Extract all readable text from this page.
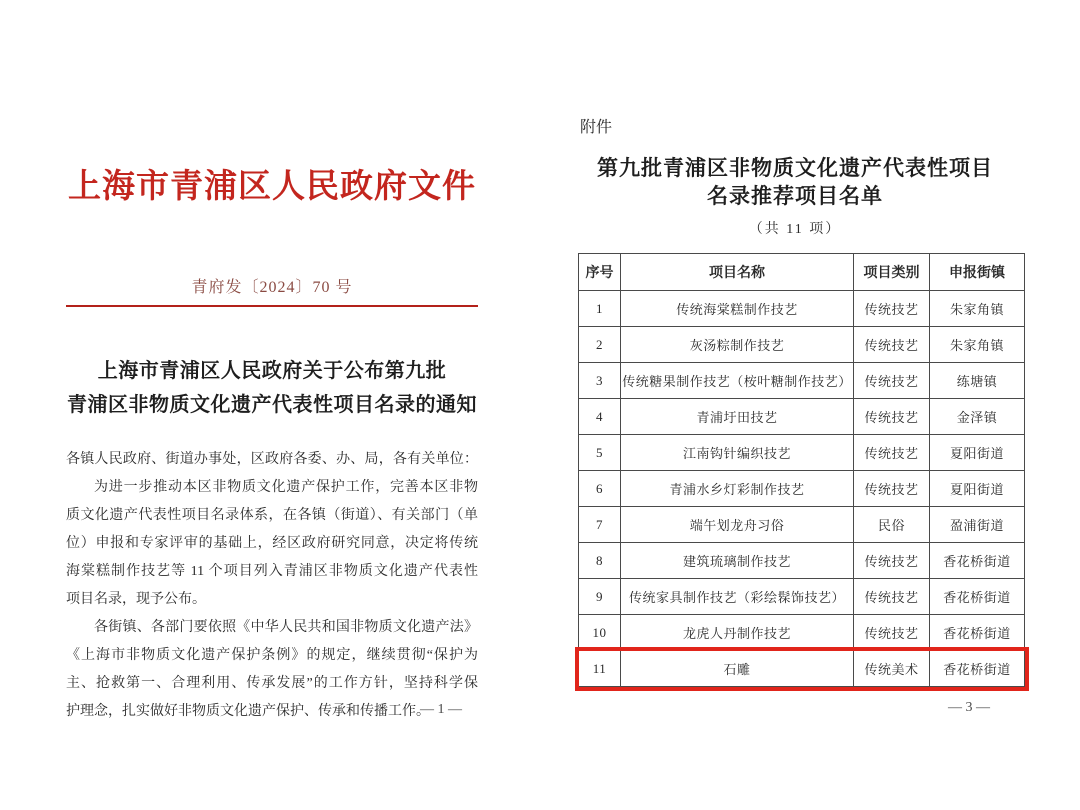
上海市青浦区人民政府文件
青府发〔2024〕70 号
上海市青浦区人民政府关于公布第九批
青浦区非物质文化遗产代表性项目名录的通知
各镇人民政府、街道办事处，区政府各委、办、局，各有关单位：
为进一步推动本区非物质文化遗产保护工作，完善本区非物
质文化遗产代表性项目名录体系，在各镇（街道）、有关部门（单
位）申报和专家评审的基础上，经区政府研究同意，决定将传统
海棠糕制作技艺等 11 个项目列入青浦区非物质文化遗产代表性
项目名录，现予公布。
各街镇、各部门要依照《中华人民共和国非物质文化遗产法》
《上海市非物质文化遗产保护条例》的规定，继续贯彻“保护为
主、抢救第一、合理利用、传承发展”的工作方针，坚持科学保
护理念，扎实做好非物质文化遗产保护、传承和传播工作。
— 1 —
附件
第九批青浦区非物质文化遗产代表性项目
名录推荐项目名单
（共 11 项）
序号	项目名称	项目类别	申报街镇
1	传统海棠糕制作技艺	传统技艺	朱家角镇
2	灰汤粽制作技艺	传统技艺	朱家角镇
3	传统糖果制作技艺（桉叶糖制作技艺）	传统技艺	练塘镇
4	青浦圩田技艺	传统技艺	金泽镇
5	江南钩针编织技艺	传统技艺	夏阳街道
6	青浦水乡灯彩制作技艺	传统技艺	夏阳街道
7	端午划龙舟习俗	民俗	盈浦街道
8	建筑琉璃制作技艺	传统技艺	香花桥街道
9	传统家具制作技艺（彩绘髹饰技艺）	传统技艺	香花桥街道
10	龙虎人丹制作技艺	传统技艺	香花桥街道
11	石雕	传统美术	香花桥街道
— 3 —
